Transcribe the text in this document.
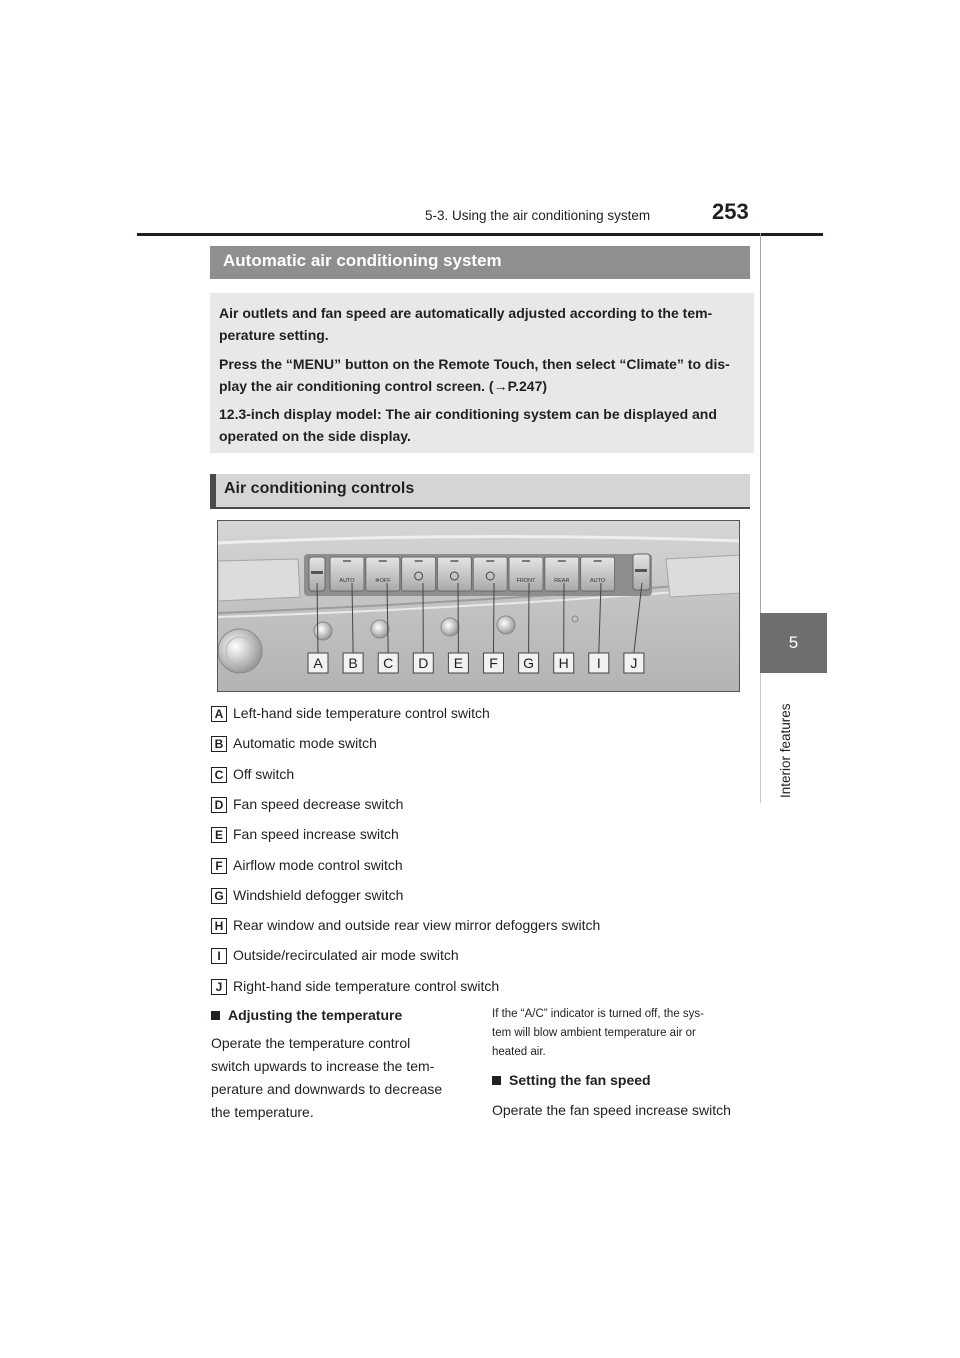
5-3. Using the air conditioning system	253
5
Interior features
Automatic air conditioning system

Air outlets and fan speed are automatically adjusted according to the tem-

perature setting.

Press the “MENU” button on the Remote Touch, then select “Climate” to dis-

play the air conditioning control screen. (→P.247)

12.3-inch display model: The air conditioning system can be displayed and

operated on the side display.

Air conditioning controls
AUTO	❄OFF	FRONT	REAR	AUTO
A B C D E F G H I J
A Left-hand side temperature control switch
B Automatic mode switch
C Off switch
D Fan speed decrease switch
E Fan speed increase switch
F Airflow mode control switch
G Windshield defogger switch
H Rear window and outside rear view mirror defoggers switch
I Outside/recirculated air mode switch
J Right-hand side temperature control switch
Adjusting the temperature
Operate the temperature control
switch upwards to increase the tem-
perature and downwards to decrease
the temperature.
If the “A/C” indicator is turned off, the sys-
tem will blow ambient temperature air or
heated air.
Setting the fan speed
Operate the fan speed increase switch
